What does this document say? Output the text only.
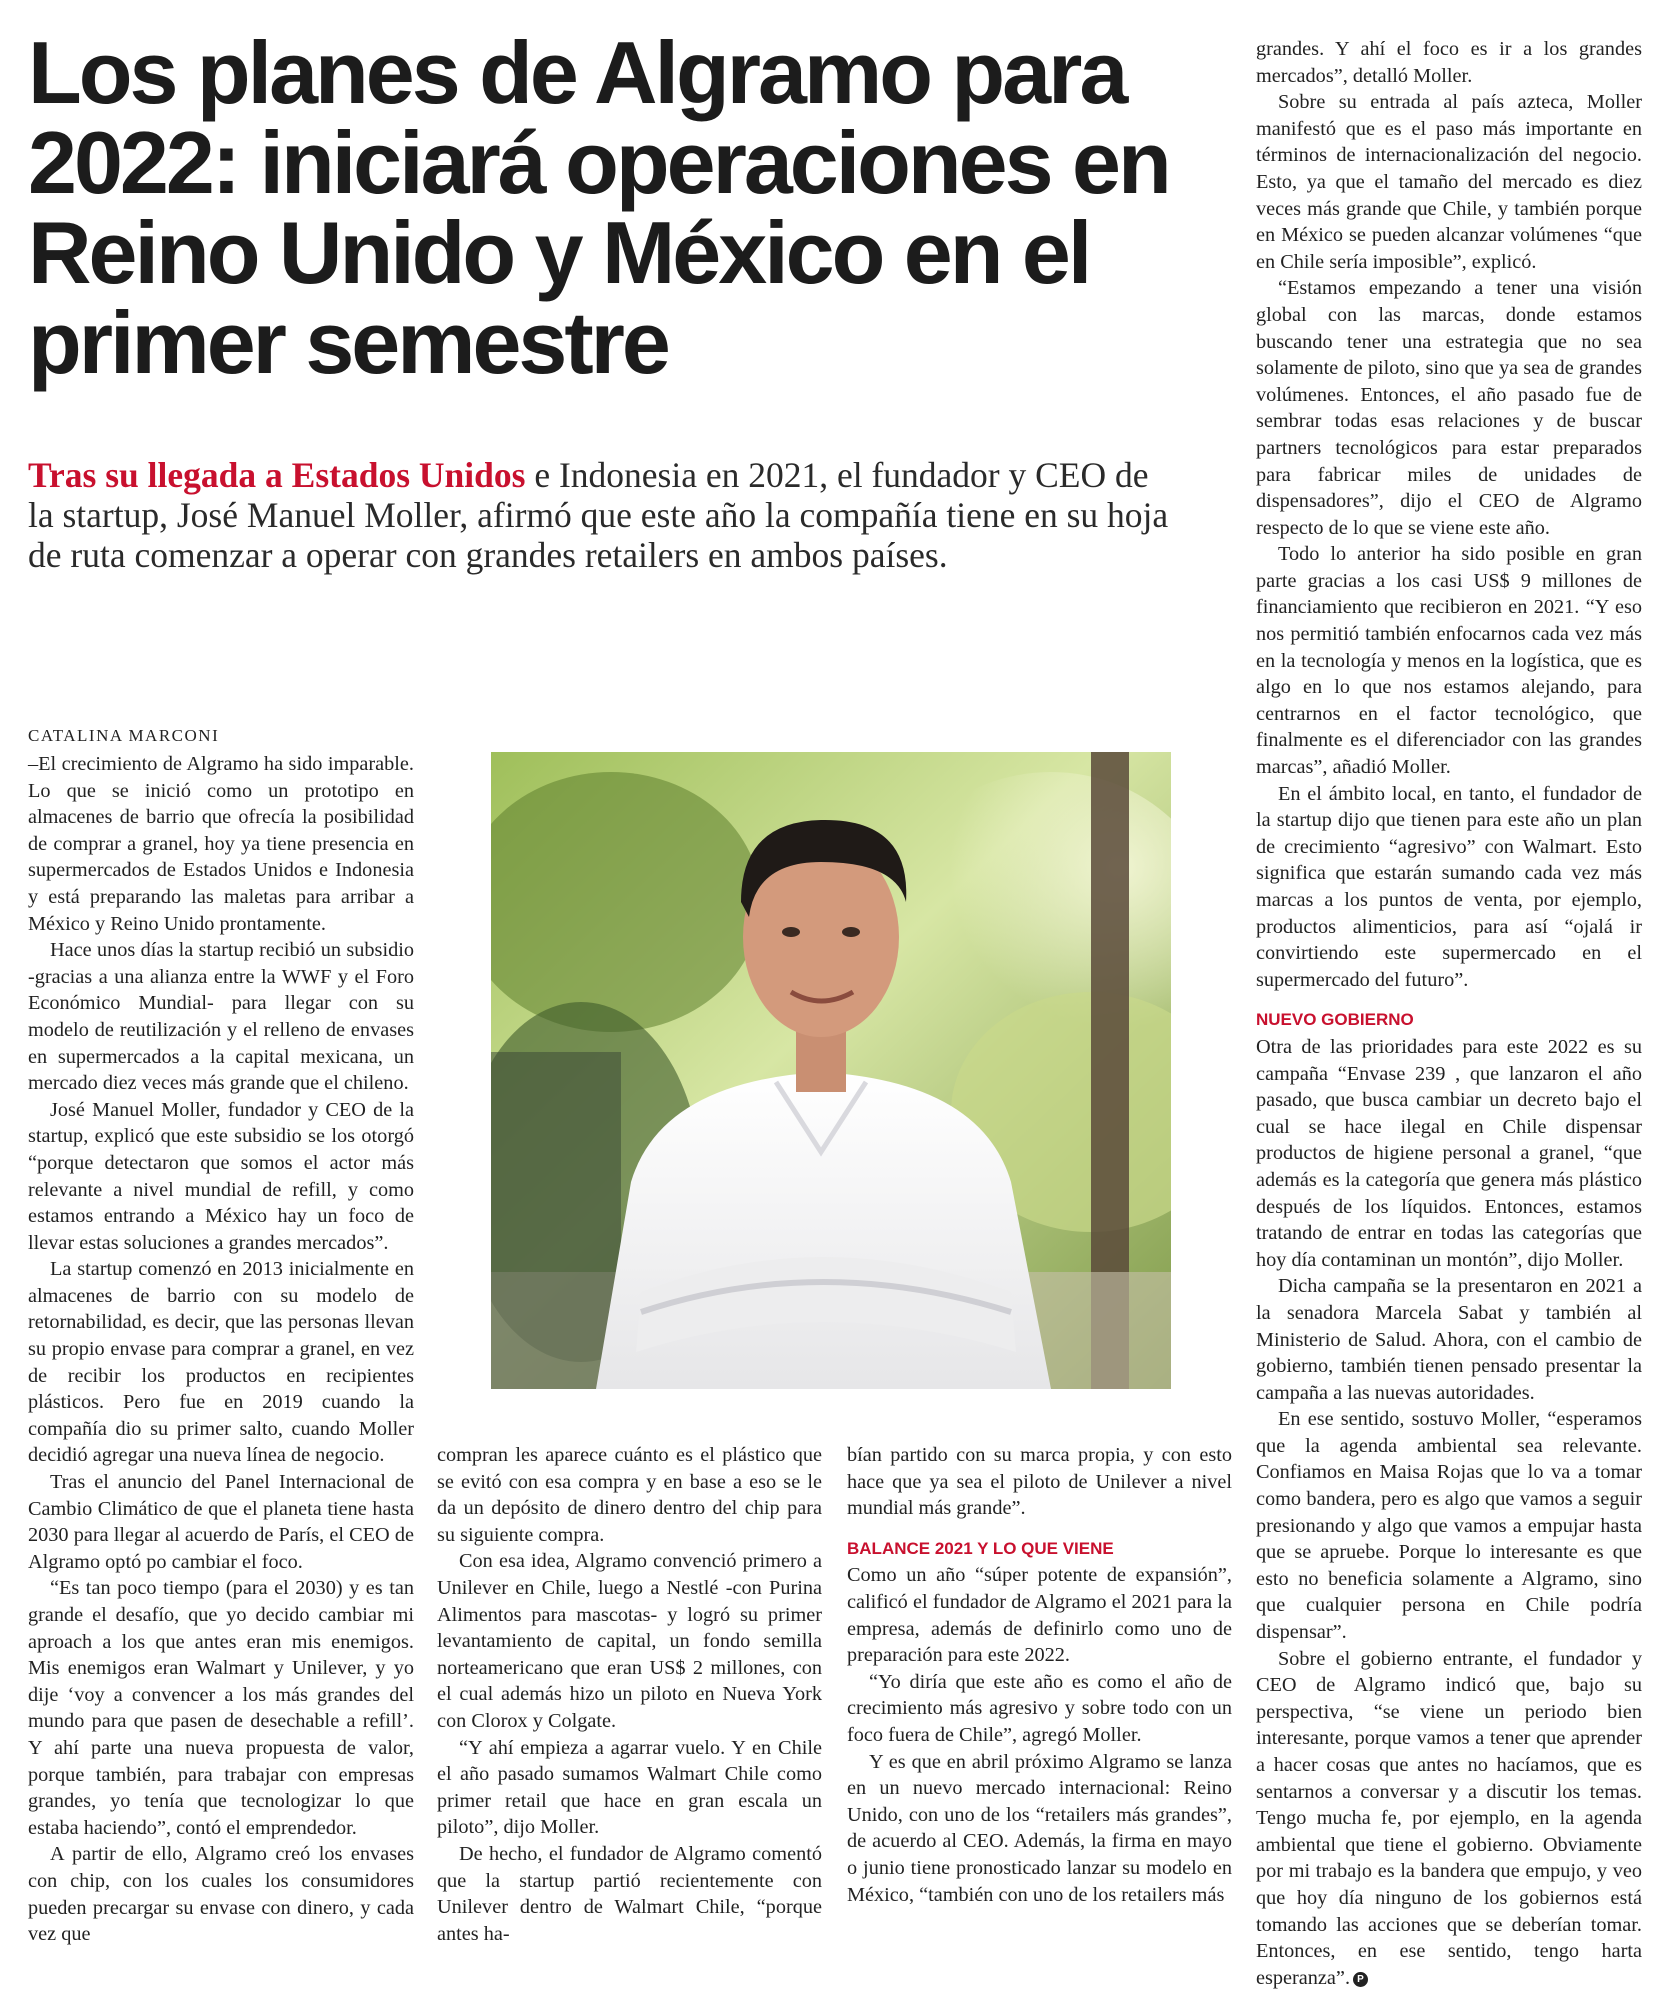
Los planes de Algramo para 2022: iniciará operaciones en Reino Unido y México en el primer semestre

Tras su llegada a Estados Unidos e Indonesia en 2021, el fundador y CEO de la startup, José Manuel Moller, afirmó que este año la compañía tiene en su hoja de ruta comenzar a operar con grandes retailers en ambos países.

CATALINA MARCONI

–El crecimiento de Algramo ha sido imparable. Lo que se inició como un prototipo en almacenes de barrio que ofrecía la posibilidad de comprar a granel, hoy ya tiene presencia en supermercados de Estados Unidos e Indonesia y está preparando las maletas para arribar a México y Reino Unido prontamente.

Hace unos días la startup recibió un subsidio -gracias a una alianza entre la WWF y el Foro Económico Mundial- para llegar con su modelo de reutilización y el relleno de envases en supermercados a la capital mexicana, un mercado diez veces más grande que el chileno.

José Manuel Moller, fundador y CEO de la startup, explicó que este subsidio se los otorgó “porque detectaron que somos el actor más relevante a nivel mundial de refill, y como estamos entrando a México hay un foco de llevar estas soluciones a grandes mercados”.

La startup comenzó en 2013 inicialmente en almacenes de barrio con su modelo de retornabilidad, es decir, que las personas llevan su propio envase para comprar a granel, en vez de recibir los productos en recipientes plásticos. Pero fue en 2019 cuando la compañía dio su primer salto, cuando Moller decidió agregar una nueva línea de negocio.

Tras el anuncio del Panel Internacional de Cambio Climático de que el planeta tiene hasta 2030 para llegar al acuerdo de París, el CEO de Algramo optó po cambiar el foco.

“Es tan poco tiempo (para el 2030) y es tan grande el desafío, que yo decido cambiar mi aproach a los que antes eran mis enemigos. Mis enemigos eran Walmart y Unilever, y yo dije ‘voy a convencer a los más grandes del mundo para que pasen de desechable a refill’. Y ahí parte una nueva propuesta de valor, porque también, para trabajar con empresas grandes, yo tenía que tecnologizar lo que estaba haciendo”, contó el emprendedor.

A partir de ello, Algramo creó los envases con chip, con los cuales los consumidores pueden precargar su envase con dinero, y cada vez que

compran les aparece cuánto es el plástico que se evitó con esa compra y en base a eso se le da un depósito de dinero dentro del chip para su siguiente compra.

Con esa idea, Algramo convenció primero a Unilever en Chile, luego a Nestlé -con Purina Alimentos para mascotas- y logró su primer levantamiento de capital, un fondo semilla norteamericano que eran US$ 2 millones, con el cual además hizo un piloto en Nueva York con Clorox y Colgate.

“Y ahí empieza a agarrar vuelo. Y en Chile el año pasado sumamos Walmart Chile como primer retail que hace en gran escala un piloto”, dijo Moller.

De hecho, el fundador de Algramo comentó que la startup partió recientemente con Unilever dentro de Walmart Chile, “porque antes ha-

bían partido con su marca propia, y con esto hace que ya sea el piloto de Unilever a nivel mundial más grande”.

BALANCE 2021 Y LO QUE VIENE

Como un año “súper potente de expansión”, calificó el fundador de Algramo el 2021 para la empresa, además de definirlo como uno de preparación para este 2022.

“Yo diría que este año es como el año de crecimiento más agresivo y sobre todo con un foco fuera de Chile”, agregó Moller.

Y es que en abril próximo Algramo se lanza en un nuevo mercado internacional: Reino Unido, con uno de los “retailers más grandes”, de acuerdo al CEO. Además, la firma en mayo o junio tiene pronosticado lanzar su modelo en México, “también con uno de los retailers más

grandes. Y ahí el foco es ir a los grandes mercados”, detalló Moller.

Sobre su entrada al país azteca, Moller manifestó que es el paso más importante en términos de internacionalización del negocio. Esto, ya que el tamaño del mercado es diez veces más grande que Chile, y también porque en México se pueden alcanzar volúmenes “que en Chile sería imposible”, explicó.

“Estamos empezando a tener una visión global con las marcas, donde estamos buscando tener una estrategia que no sea solamente de piloto, sino que ya sea de grandes volúmenes. Entonces, el año pasado fue de sembrar todas esas relaciones y de buscar partners tecnológicos para estar preparados para fabricar miles de unidades de dispensadores”, dijo el CEO de Algramo respecto de lo que se viene este año.

Todo lo anterior ha sido posible en gran parte gracias a los casi US$ 9 millones de financiamiento que recibieron en 2021. “Y eso nos permitió también enfocarnos cada vez más en la tecnología y menos en la logística, que es algo en lo que nos estamos alejando, para centrarnos en el factor tecnológico, que finalmente es el diferenciador con las grandes marcas”, añadió Moller.

En el ámbito local, en tanto, el fundador de la startup dijo que tienen para este año un plan de crecimiento “agresivo” con Walmart. Esto significa que estarán sumando cada vez más marcas a los puntos de venta, por ejemplo, productos alimenticios, para así “ojalá ir convirtiendo este supermercado en el supermercado del futuro”.

NUEVO GOBIERNO

Otra de las prioridades para este 2022 es su campaña “Envase 239 , que lanzaron el año pasado, que busca cambiar un decreto bajo el cual se hace ilegal en Chile dispensar productos de higiene personal a granel, “que además es la categoría que genera más plástico después de los líquidos. Entonces, estamos tratando de entrar en todas las categorías que hoy día contaminan un montón”, dijo Moller.

Dicha campaña se la presentaron en 2021 a la senadora Marcela Sabat y también al Ministerio de Salud. Ahora, con el cambio de gobierno, también tienen pensado presentar la campaña a las nuevas autoridades.

En ese sentido, sostuvo Moller, “esperamos que la agenda ambiental sea relevante. Confiamos en Maisa Rojas que lo va a tomar como bandera, pero es algo que vamos a seguir presionando y algo que vamos a empujar hasta que se apruebe. Porque lo interesante es que esto no beneficia solamente a Algramo, sino que cualquier persona en Chile podría dispensar”.

Sobre el gobierno entrante, el fundador y CEO de Algramo indicó que, bajo su perspectiva, “se viene un periodo bien interesante, porque vamos a tener que aprender a hacer cosas que antes no hacíamos, que es sentarnos a conversar y a discutir los temas. Tengo mucha fe, por ejemplo, en la agenda ambiental que tiene el gobierno. Obviamente por mi trabajo es la bandera que empujo, y veo que hoy día ninguno de los gobiernos está tomando las acciones que se deberían tomar. Entonces, en ese sentido, tengo harta esperanza”. P
